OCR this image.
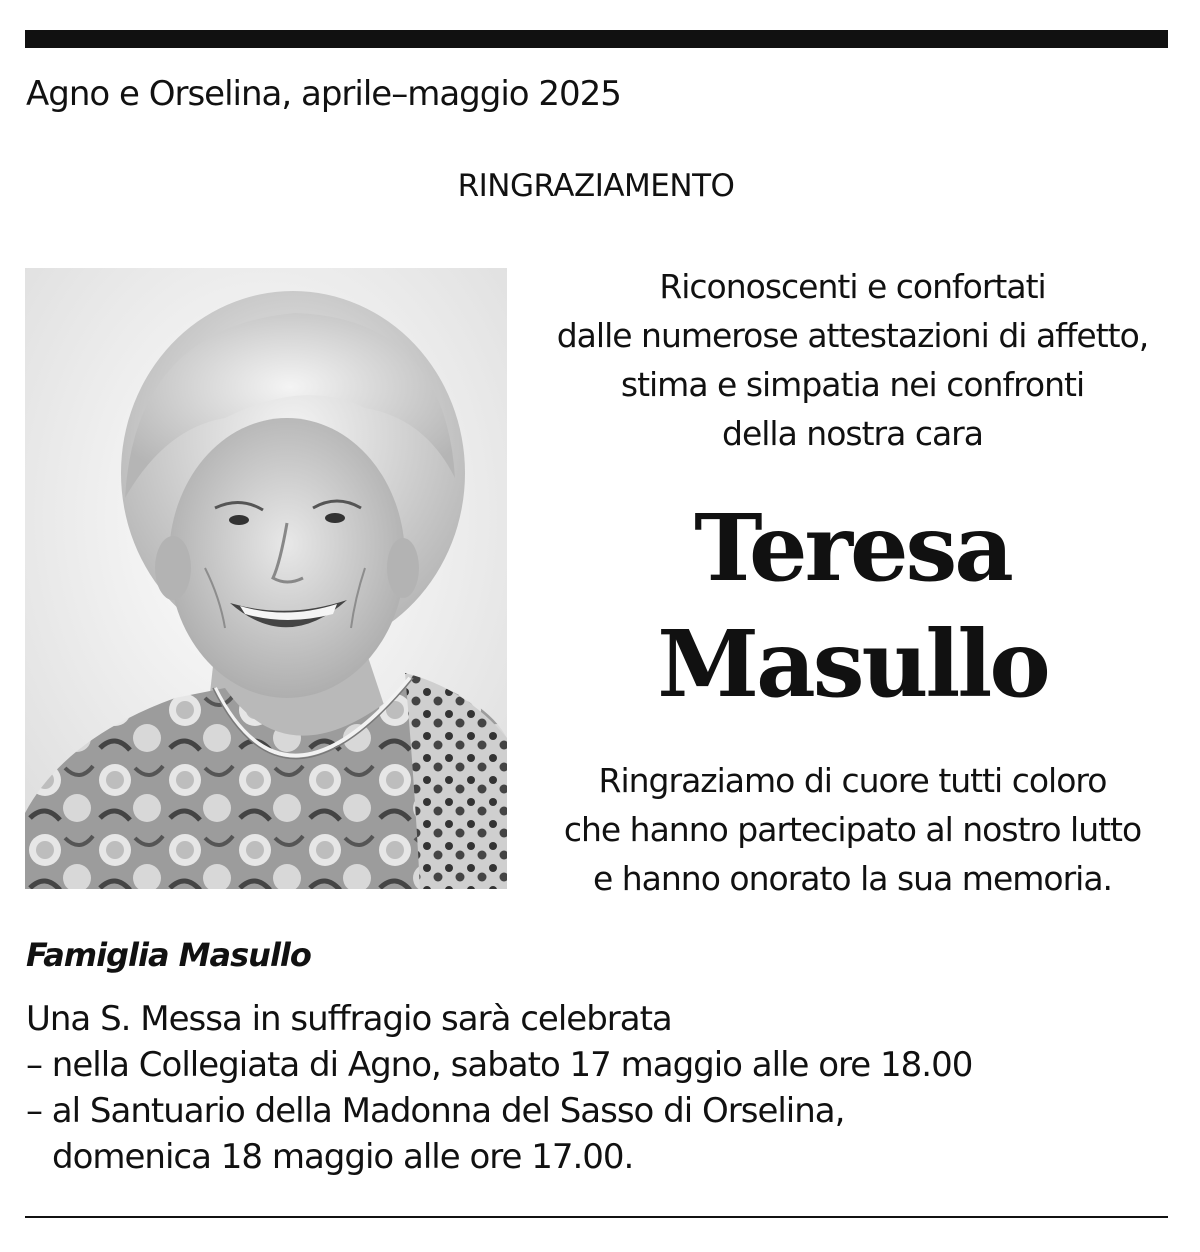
Agno e Orselina, aprile–maggio 2025
RINGRAZIAMENTO
Riconoscenti e confortati
dalle numerose attestazioni di affetto,
stima e simpatia nei confronti
della nostra cara
Teresa
Masullo
Ringraziamo di cuore tutti coloro
che hanno partecipato al nostro lutto
e hanno onorato la sua memoria.
Famiglia Masullo
Una S. Messa in suffragio sarà celebrata
– nella Collegiata di Agno, sabato 17 maggio alle ore 18.00
– al Santuario della Madonna del Sasso di Orselina,
domenica 18 maggio alle ore 17.00.
